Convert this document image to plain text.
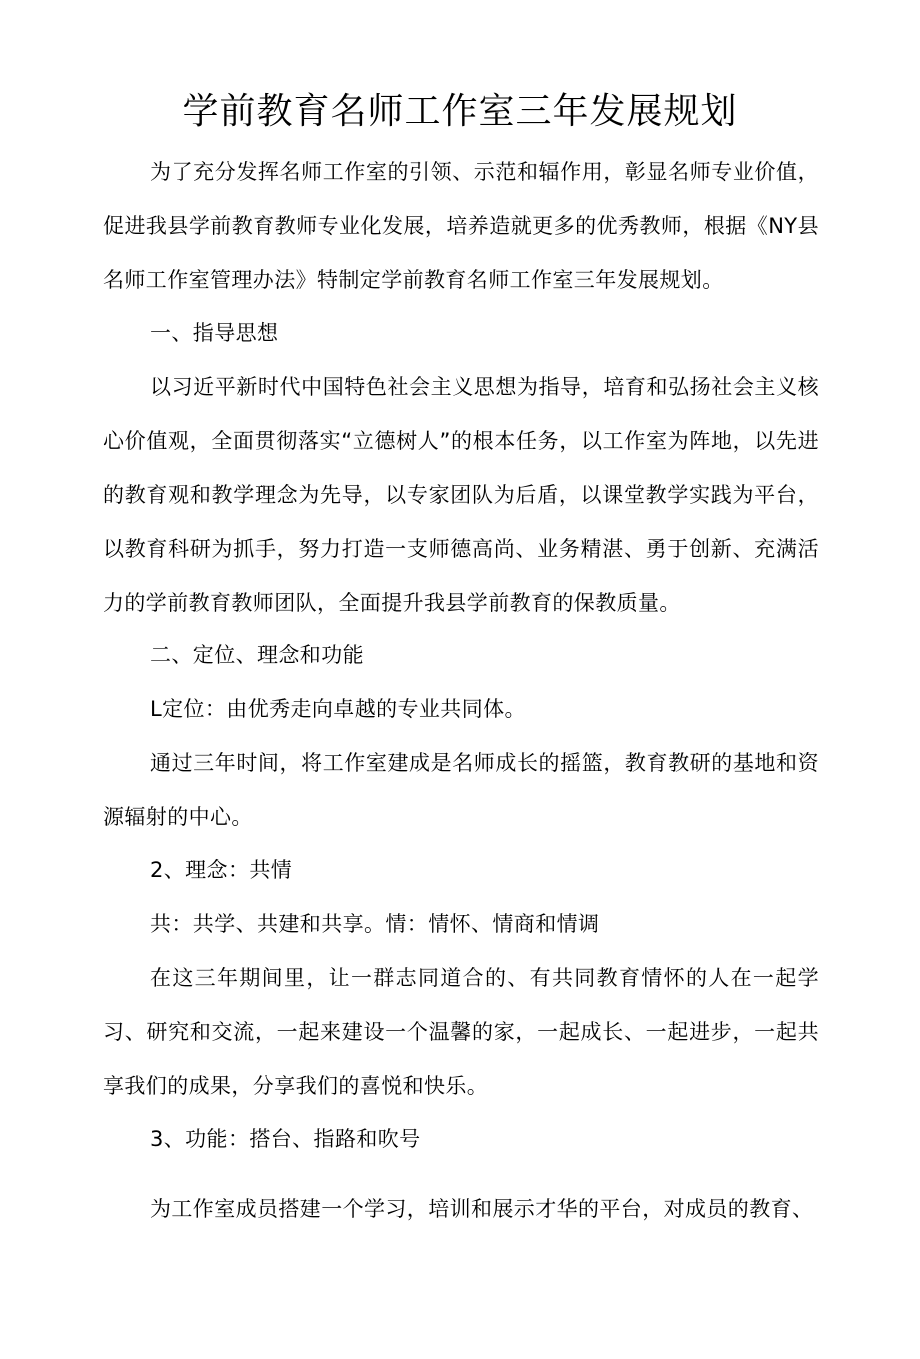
学前教育名师工作室三年发展规划

为了充分发挥名师工作室的引领、示范和辐作用，彰显名师专业价值，促进我县学前教育教师专业化发展，培养造就更多的优秀教师，根据《NY县名师工作室管理办法》特制定学前教育名师工作室三年发展规划。

一、指导思想

以习近平新时代中国特色社会主义思想为指导，培育和弘扬社会主义核心价值观，全面贯彻落实“立德树人”的根本任务，以工作室为阵地，以先进的教育观和教学理念为先导，以专家团队为后盾，以课堂教学实践为平台，以教育科研为抓手，努力打造一支师德高尚、业务精湛、勇于创新、充满活力的学前教育教师团队，全面提升我县学前教育的保教质量。

二、定位、理念和功能

L定位：由优秀走向卓越的专业共同体。

通过三年时间，将工作室建成是名师成长的摇篮，教育教研的基地和资源辐射的中心。

2、理念：共情

共：共学、共建和共享。情：情怀、情商和情调

在这三年期间里，让一群志同道合的、有共同教育情怀的人在一起学习、研究和交流，一起来建设一个温馨的家，一起成长、一起进步，一起共享我们的成果，分享我们的喜悦和快乐。

3、功能：搭台、指路和吹号

为工作室成员搭建一个学习，培训和展示才华的平台，对成员的教育、
